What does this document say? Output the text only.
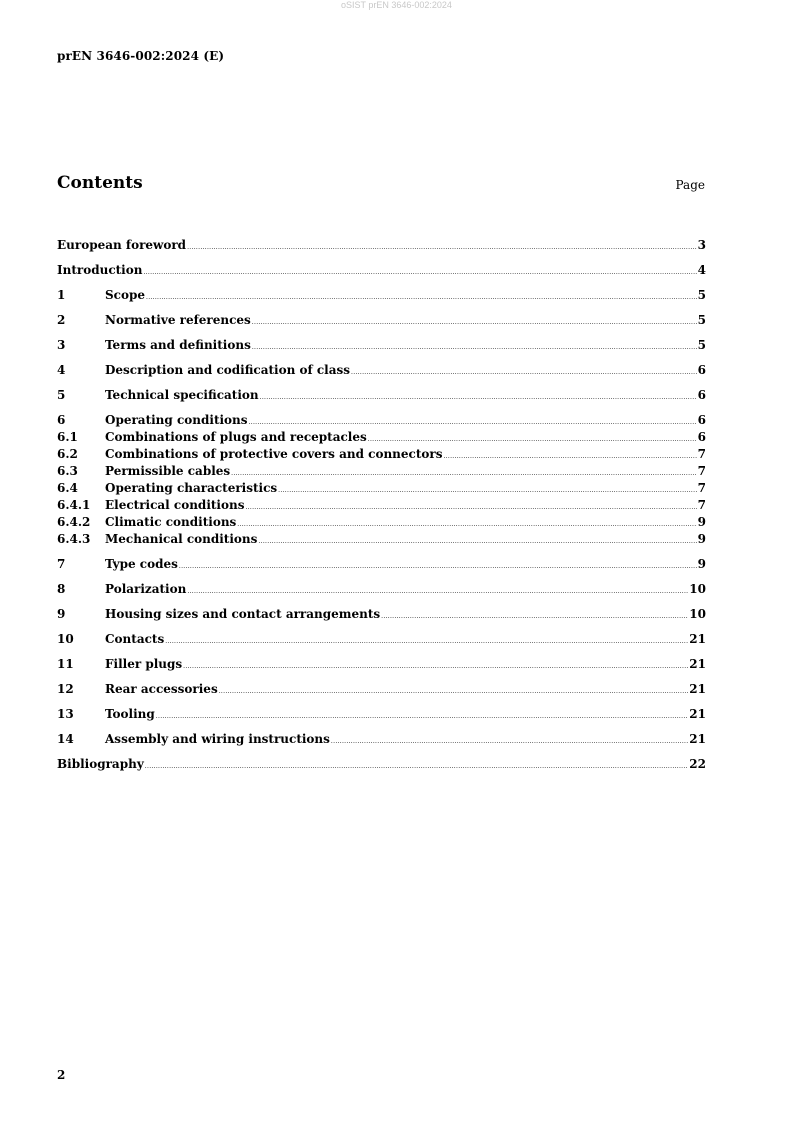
oSIST prEN 3646-002:2024
prEN 3646-002:2024 (E)
Contents	Page
European foreword .....	3
Introduction .....	4
1	Scope .....	5
2	Normative references .....	5
3	Terms and definitions .....	5
4	Description and codification of class .....	6
5	Technical specification .....	6
6	Operating conditions .....	6
6.1	Combinations of plugs and receptacles .....	6
6.2	Combinations of protective covers and connectors .....	7
6.3	Permissible cables .....	7
6.4	Operating characteristics .....	7
6.4.1	Electrical conditions .....	7
6.4.2	Climatic conditions .....	9
6.4.3	Mechanical conditions .....	9
7	Type codes .....	9
8	Polarization .....	10
9	Housing sizes and contact arrangements .....	10
10	Contacts .....	21
11	Filler plugs .....	21
12	Rear accessories .....	21
13	Tooling .....	21
14	Assembly and wiring instructions .....	21
Bibliography .....	22
2
